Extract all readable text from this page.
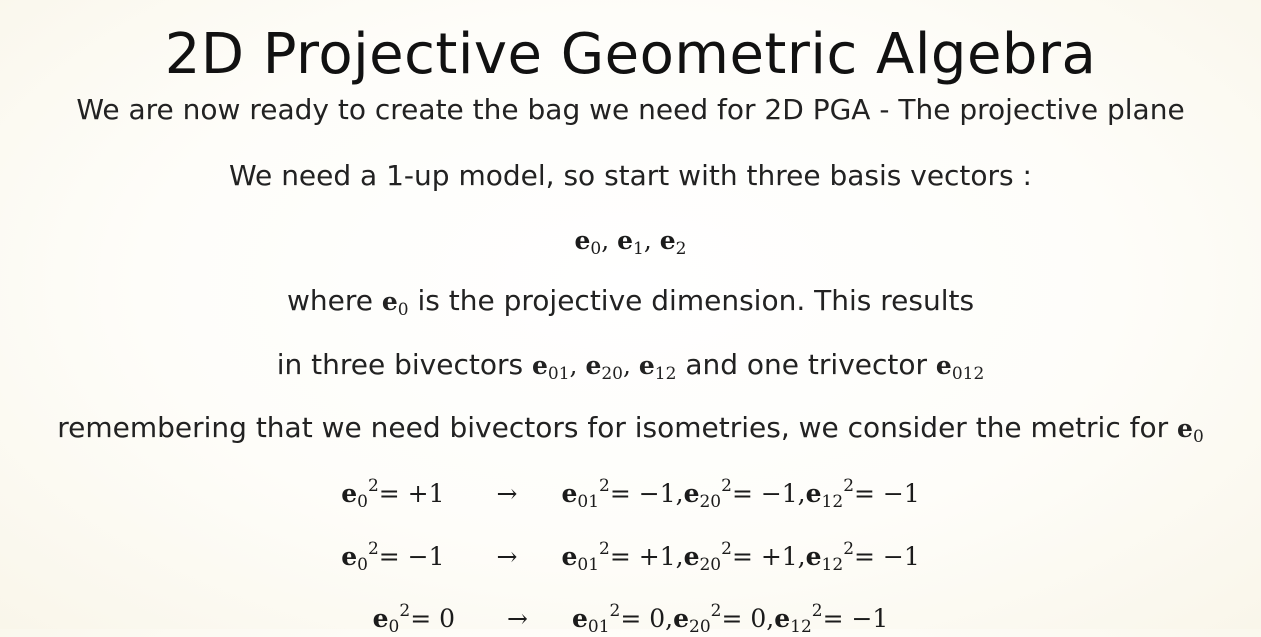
2D Projective Geometric Algebra
We are now ready to create the bag we need for 2D PGA - The projective plane
We need a 1-up model, so start with three basis vectors :
$e_0$, $e_1$, $e_2$
where $e_0$ is the projective dimension. This results
in three bivectors $e_{01}$, $e_{20}$, $e_{12}$ and one trivector $e_{012}$
remembering that we need bivectors for isometries, we consider the metric for $e_0$
$e_0^2= +1 \to e_{01}^2= -1,e_{20}^2= -1,e_{12}^2= -1$
$e_0^2= -1 \to e_{01}^2= +1,e_{20}^2= +1,e_{12}^2= -1$
$e_0^2= 0 \to e_{01}^2= 0,e_{20}^2= 0,e_{12}^2= -1$
